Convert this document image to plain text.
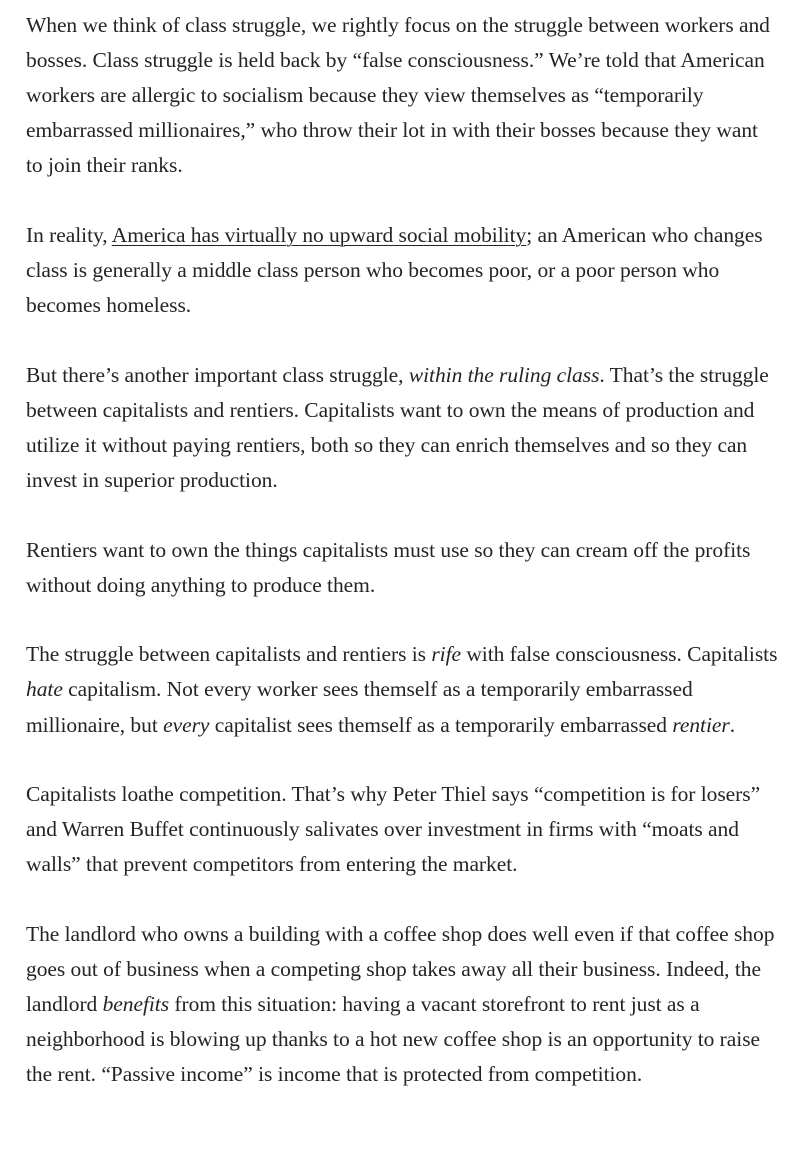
When we think of class struggle, we rightly focus on the struggle between workers and bosses. Class struggle is held back by “false consciousness.” We’re told that American workers are allergic to socialism because they view themselves as “temporarily embarrassed millionaires,” who throw their lot in with their bosses because they want to join their ranks.

In reality, America has virtually no upward social mobility; an American who changes class is generally a middle class person who becomes poor, or a poor person who becomes homeless.

But there’s another important class struggle, within the ruling class. That’s the struggle between capitalists and rentiers. Capitalists want to own the means of production and utilize it without paying rentiers, both so they can enrich themselves and so they can invest in superior production.

Rentiers want to own the things capitalists must use so they can cream off the profits without doing anything to produce them.

The struggle between capitalists and rentiers is rife with false consciousness. Capitalists hate capitalism. Not every worker sees themself as a temporarily embarrassed millionaire, but every capitalist sees themself as a temporarily embarrassed rentier.

Capitalists loathe competition. That’s why Peter Thiel says “competition is for losers” and Warren Buffet continuously salivates over investment in firms with “moats and walls” that prevent competitors from entering the market.

The landlord who owns a building with a coffee shop does well even if that coffee shop goes out of business when a competing shop takes away all their business. Indeed, the landlord benefits from this situation: having a vacant storefront to rent just as a neighborhood is blowing up thanks to a hot new coffee shop is an opportunity to raise the rent. “Passive income” is income that is protected from competition.
